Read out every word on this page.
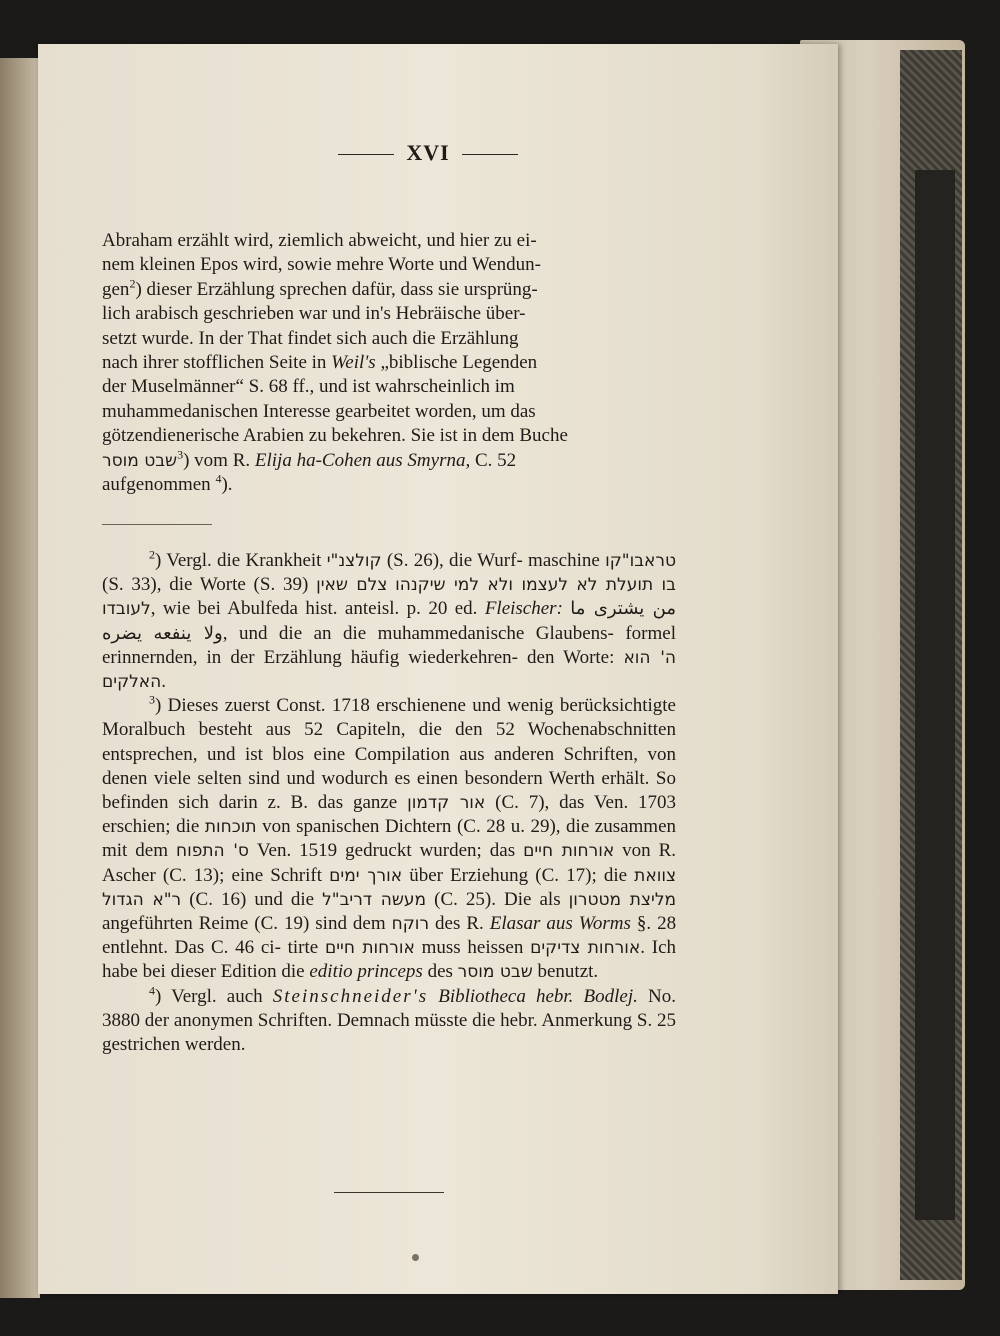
XVI

Abraham erzählt wird, ziemlich abweicht, und hier zu ei-

nem kleinen Epos wird, sowie mehre Worte und Wendun-

gen$^2$) dieser Erzählung sprechen dafür, dass sie ursprüng-

lich arabisch geschrieben war und in's Hebräische über-

setzt wurde. In der That findet sich auch die Erzählung

nach ihrer stofflichen Seite in Weil's „biblische Legenden

der Muselmänner“ S. 68 ff., und ist wahrscheinlich im

muhammedanischen Interesse gearbeitet worden, um das

götzendienerische Arabien zu bekehren. Sie ist in dem Buche

שבט מוסר$^3$) vom R. Elija ha-Cohen aus Smyrna, C. 52

aufgenommen $^4$).

$^2$) Vergl. die Krankheit קולצנ"י (S. 26), die Wurf- maschine טראבו"קו (S. 33), die Worte (S. 39) צלם שאין בו תועלת לא לעצמו ולא למי שיקנהו לעובדו, wie bei Abulfeda hist. anteisl. p. 20 ed. Fleischer: من يشترى ما يضره ولا ينفعه, und die an die muhammedanische Glaubens- formel erinnernden, in der Erzählung häufig wiederkehren- den Worte: ה' הוא האלקים.

$^3$) Dieses zuerst Const. 1718 erschienene und wenig berücksichtigte Moralbuch besteht aus 52 Capiteln, die den 52 Wochenabschnitten entsprechen, und ist blos eine Compilation aus anderen Schriften, von denen viele selten sind und wodurch es einen besondern Werth erhält. So befinden sich darin z. B. das ganze אור קדמון (C. 7), das Ven. 1703 erschien; die תוכחות von spanischen Dichtern (C. 28 u. 29), die zusammen mit dem ס' התפוח Ven. 1519 gedruckt wurden; das אורחות חיים von R. Ascher (C. 13); eine Schrift אורך ימים über Erziehung (C. 17); die צוואת ר"א הגדול (C. 16) und die מעשה דריב"ל (C. 25). Die als מליצת מטטרון angeführten Reime (C. 19) sind dem רוקח des R. Elasar aus Worms §. 28 entlehnt. Das C. 46 ci- tirte אורחות חיים muss heissen אורחות צדיקים. Ich habe bei dieser Edition die editio princeps des שבט מוסר benutzt.

$^4$) Vergl. auch Steinschneider's Bibliotheca hebr. Bodlej. No. 3880 der anonymen Schriften. Demnach müsste die hebr. Anmerkung S. 25 gestrichen werden.
